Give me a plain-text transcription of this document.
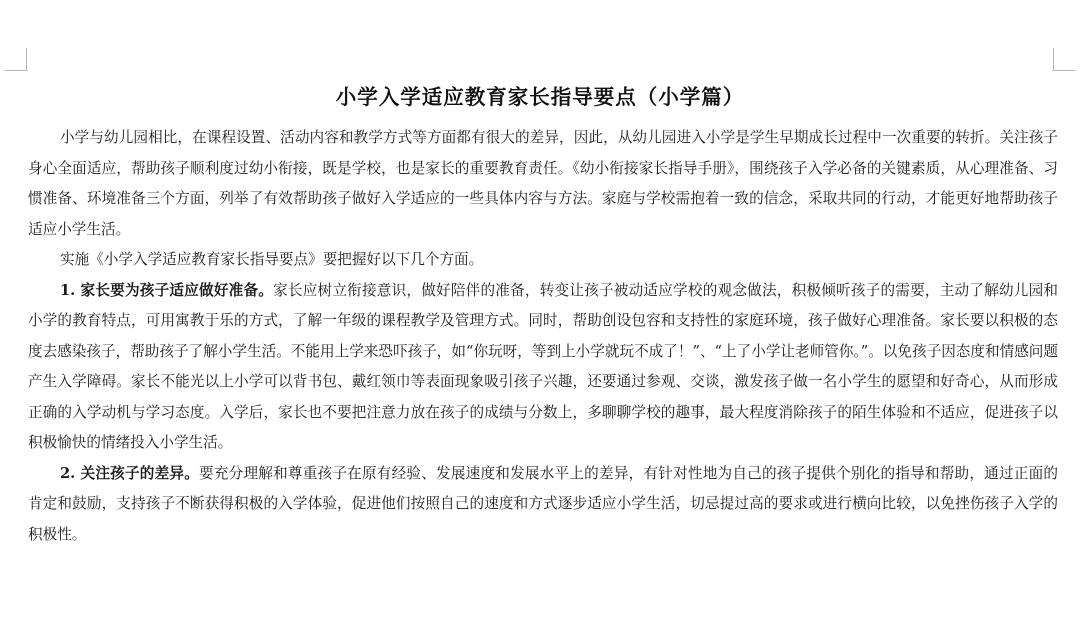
小学入学适应教育家长指导要点（小学篇）

小学与幼儿园相比，在课程设置、活动内容和教学方式等方面都有很大的差异，因此，从幼儿园进入小学是学生早期成长过程中一次重要的转折。关注孩子身心全面适应，帮助孩子顺利度过幼小衔接，既是学校，也是家长的重要教育责任。《幼小衔接家长指导手册》，围绕孩子入学必备的关键素质，从心理准备、习惯准备、环境准备三个方面，列举了有效帮助孩子做好入学适应的一些具体内容与方法。家庭与学校需抱着一致的信念，采取共同的行动，才能更好地帮助孩子适应小学生活。

实施《小学入学适应教育家长指导要点》要把握好以下几个方面。

1. 家长要为孩子适应做好准备。家长应树立衔接意识，做好陪伴的准备，转变让孩子被动适应学校的观念做法，积极倾听孩子的需要，主动了解幼儿园和小学的教育特点，可用寓教于乐的方式，了解一年级的课程教学及管理方式。同时，帮助创设包容和支持性的家庭环境，孩子做好心理准备。家长要以积极的态度去感染孩子，帮助孩子了解小学生活。不能用上学来恐吓孩子，如“你玩呀，等到上小学就玩不成了！”、“上了小学让老师管你。”。以免孩子因态度和情感问题产生入学障碍。家长不能光以上小学可以背书包、戴红领巾等表面现象吸引孩子兴趣，还要通过参观、交谈，激发孩子做一名小学生的愿望和好奇心，从而形成正确的入学动机与学习态度。入学后，家长也不要把注意力放在孩子的成绩与分数上，多聊聊学校的趣事，最大程度消除孩子的陌生体验和不适应，促进孩子以积极愉快的情绪投入小学生活。

2. 关注孩子的差异。要充分理解和尊重孩子在原有经验、发展速度和发展水平上的差异，有针对性地为自己的孩子提供个别化的指导和帮助，通过正面的肯定和鼓励，支持孩子不断获得积极的入学体验，促进他们按照自己的速度和方式逐步适应小学生活，切忌提过高的要求或进行横向比较，以免挫伤孩子入学的积极性。
